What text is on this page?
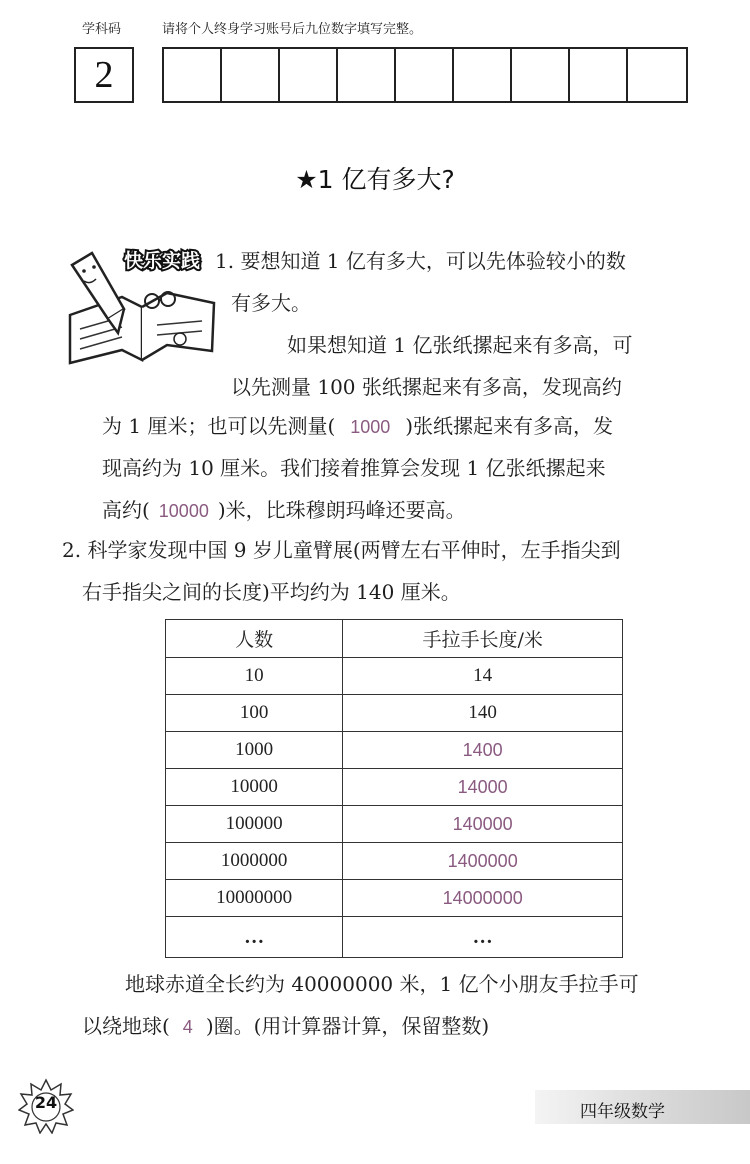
学科码	请将个人终身学习账号后九位数字填写完整。
2
★1 亿有多大?
快乐实践 1. 要想知道 1 亿有多大，可以先体验较小的数
有多大。
如果想知道 1 亿张纸摞起来有多高，可
以先测量 100 张纸摞起来有多高，发现高约
为 1 厘米；也可以先测量( 1000 )张纸摞起来有多高，发
现高约为 10 厘米。我们接着推算会发现 1 亿张纸摞起来
高约( 10000 )米，比珠穆朗玛峰还要高。
2. 科学家发现中国 9 岁儿童臂展(两臂左右平伸时，左手指尖到
右手指尖之间的长度)平均约为 140 厘米。
人数	手拉手长度/米
10	14
100	140
1000	1400
10000	14000
100000	140000
1000000	1400000
10000000	14000000
…	…
地球赤道全长约为 40000000 米，1 亿个小朋友手拉手可
以绕地球( 4 )圈。(用计算器计算，保留整数)
24	四年级数学
